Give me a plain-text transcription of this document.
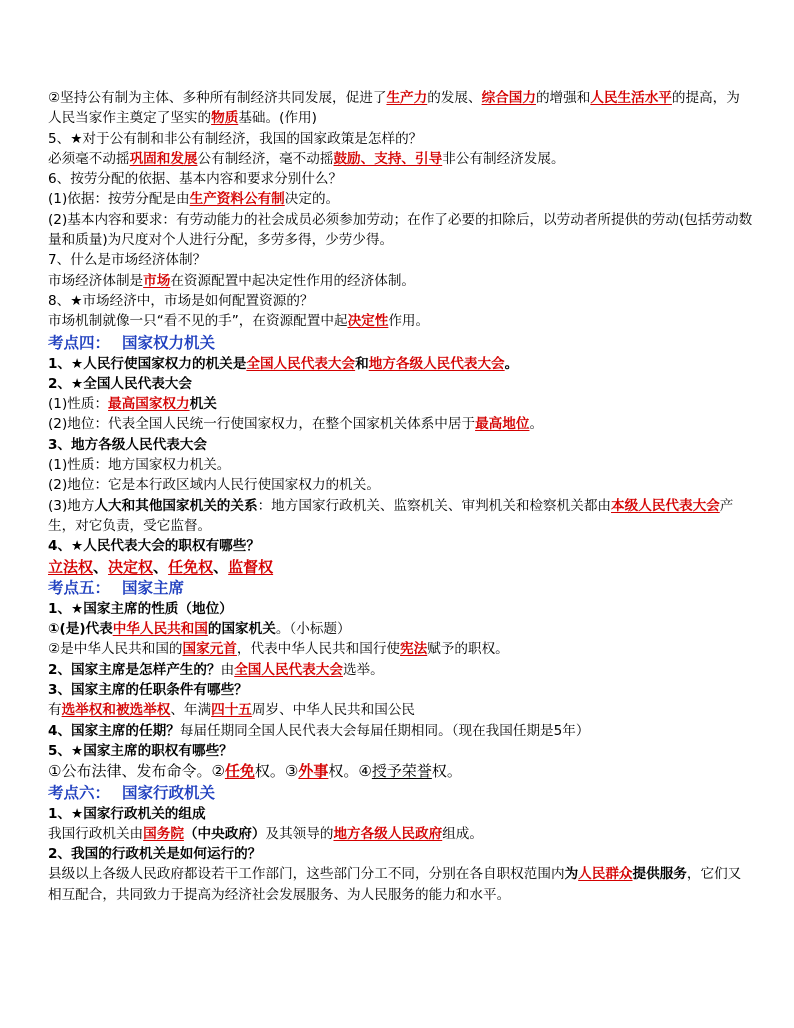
②坚持公有制为主体、多种所有制经济共同发展，促进了生产力的发展、综合国力的增强和人民生活水平的提高，为人民当家作主奠定了坚实的物质基础。(作用)
5、★对于公有制和非公有制经济，我国的国家政策是怎样的？
必须毫不动摇巩固和发展公有制经济，毫不动摇鼓励、支持、引导非公有制经济发展。
6、按劳分配的依据、基本内容和要求分别什么？
(1)依据：按劳分配是由生产资料公有制决定的。
(2)基本内容和要求：有劳动能力的社会成员必须参加劳动；在作了必要的扣除后，以劳动者所提供的劳动(包括劳动数量和质量)为尺度对个人进行分配，多劳多得，少劳少得。
7、什么是市场经济体制？
市场经济体制是市场在资源配置中起决定性作用的经济体制。
8、★市场经济中，市场是如何配置资源的？
市场机制就像一只“看不见的手”，在资源配置中起决定性作用。
考点四： 国家权力机关
1、★人民行使国家权力的机关是全国人民代表大会和地方各级人民代表大会。
2、★全国人民代表大会
(1)性质：最高国家权力机关
(2)地位：代表全国人民统一行使国家权力，在整个国家机关体系中居于最高地位。
3、地方各级人民代表大会
(1)性质：地方国家权力机关。
(2)地位：它是本行政区域内人民行使国家权力的机关。
(3)地方人大和其他国家机关的关系：地方国家行政机关、监察机关、审判机关和检察机关都由本级人民代表大会产生，对它负责，受它监督。
4、★人民代表大会的职权有哪些？
立法权、决定权、任免权、监督权
考点五： 国家主席
1、★国家主席的性质（地位）
①(是)代表中华人民共和国的国家机关。（小标题）
②是中华人民共和国的国家元首，代表中华人民共和国行使宪法赋予的职权。
2、国家主席是怎样产生的？由全国人民代表大会选举。
3、国家主席的任职条件有哪些？
有选举权和被选举权、年满四十五周岁、中华人民共和国公民
4、国家主席的任期？每届任期同全国人民代表大会每届任期相同。（现在我国任期是5年）
5、★国家主席的职权有哪些？
①公布法律、发布命令。②任免权。③外事权。④授予荣誉权。
考点六： 国家行政机关
1、★国家行政机关的组成
我国行政机关由国务院（中央政府）及其领导的地方各级人民政府组成。
2、我国的行政机关是如何运行的？
县级以上各级人民政府都设若干工作部门，这些部门分工不同，分别在各自职权范围内为人民群众提供服务，它们又相互配合，共同致力于提高为经济社会发展服务、为人民服务的能力和水平。
